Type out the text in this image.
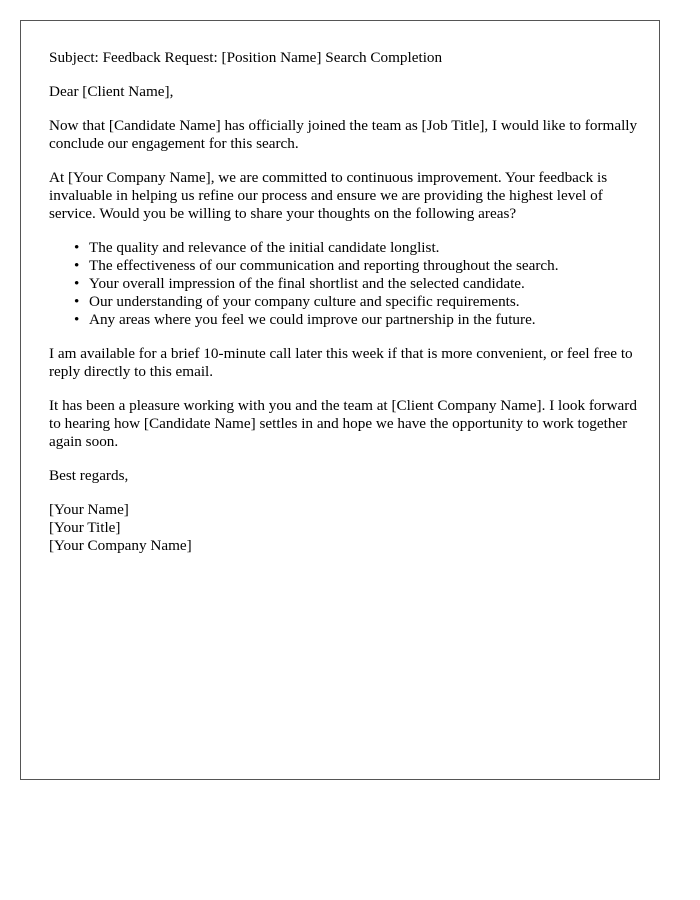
Subject: Feedback Request: [Position Name] Search Completion

Dear [Client Name],

Now that [Candidate Name] has officially joined the team as [Job Title], I would like to formally conclude our engagement for this search.

At [Your Company Name], we are committed to continuous improvement. Your feedback is invaluable in helping us refine our process and ensure we are providing the highest level of service. Would you be willing to share your thoughts on the following areas?

• The quality and relevance of the initial candidate longlist.
• The effectiveness of our communication and reporting throughout the search.
• Your overall impression of the final shortlist and the selected candidate.
• Our understanding of your company culture and specific requirements.
• Any areas where you feel we could improve our partnership in the future.

I am available for a brief 10-minute call later this week if that is more convenient, or feel free to reply directly to this email.

It has been a pleasure working with you and the team at [Client Company Name]. I look forward to hearing how [Candidate Name] settles in and hope we have the opportunity to work together again soon.

Best regards,

[Your Name]
[Your Title]
[Your Company Name]
